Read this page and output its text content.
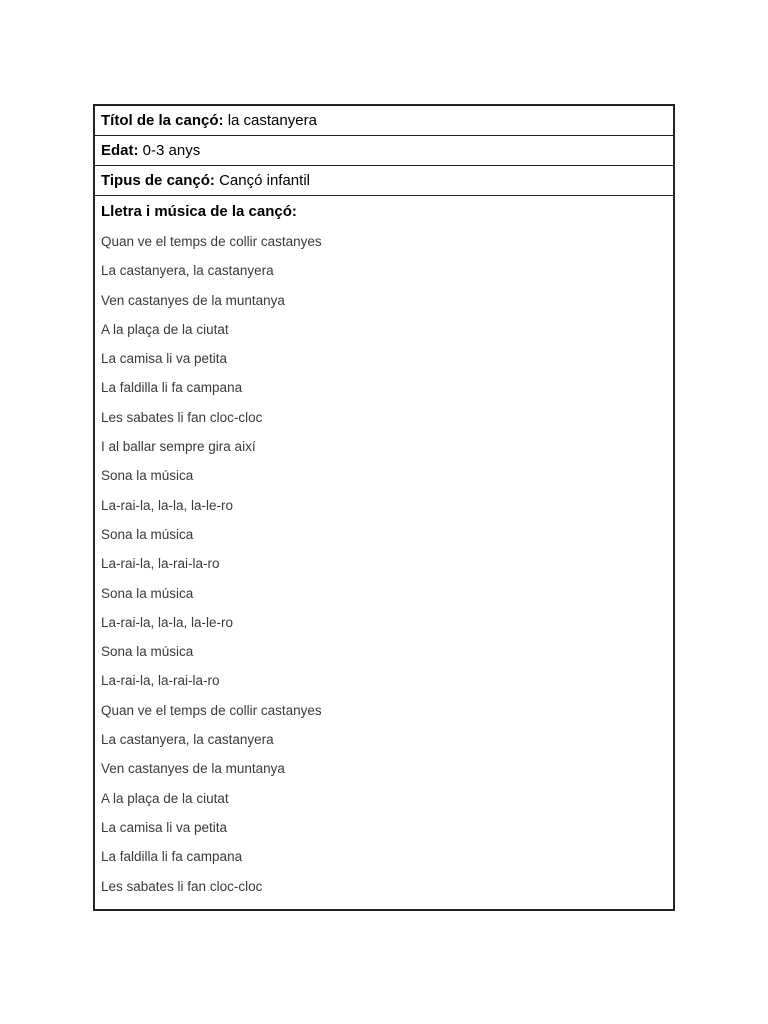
Títol de la cançó: la castanyera
Edat: 0-3 anys
Tipus de cançó: Cançó infantil
Lletra i música de la cançó:
Quan ve el temps de collir castanyes
La castanyera, la castanyera
Ven castanyes de la muntanya
A la plaça de la ciutat
La camisa li va petita
La faldilla li fa campana
Les sabates li fan cloc-cloc
I al ballar sempre gira així
Sona la música
La-rai-la, la-la, la-le-ro
Sona la música
La-rai-la, la-rai-la-ro
Sona la música
La-rai-la, la-la, la-le-ro
Sona la música
La-rai-la, la-rai-la-ro
Quan ve el temps de collir castanyes
La castanyera, la castanyera
Ven castanyes de la muntanya
A la plaça de la ciutat
La camisa li va petita
La faldilla li fa campana
Les sabates li fan cloc-cloc
